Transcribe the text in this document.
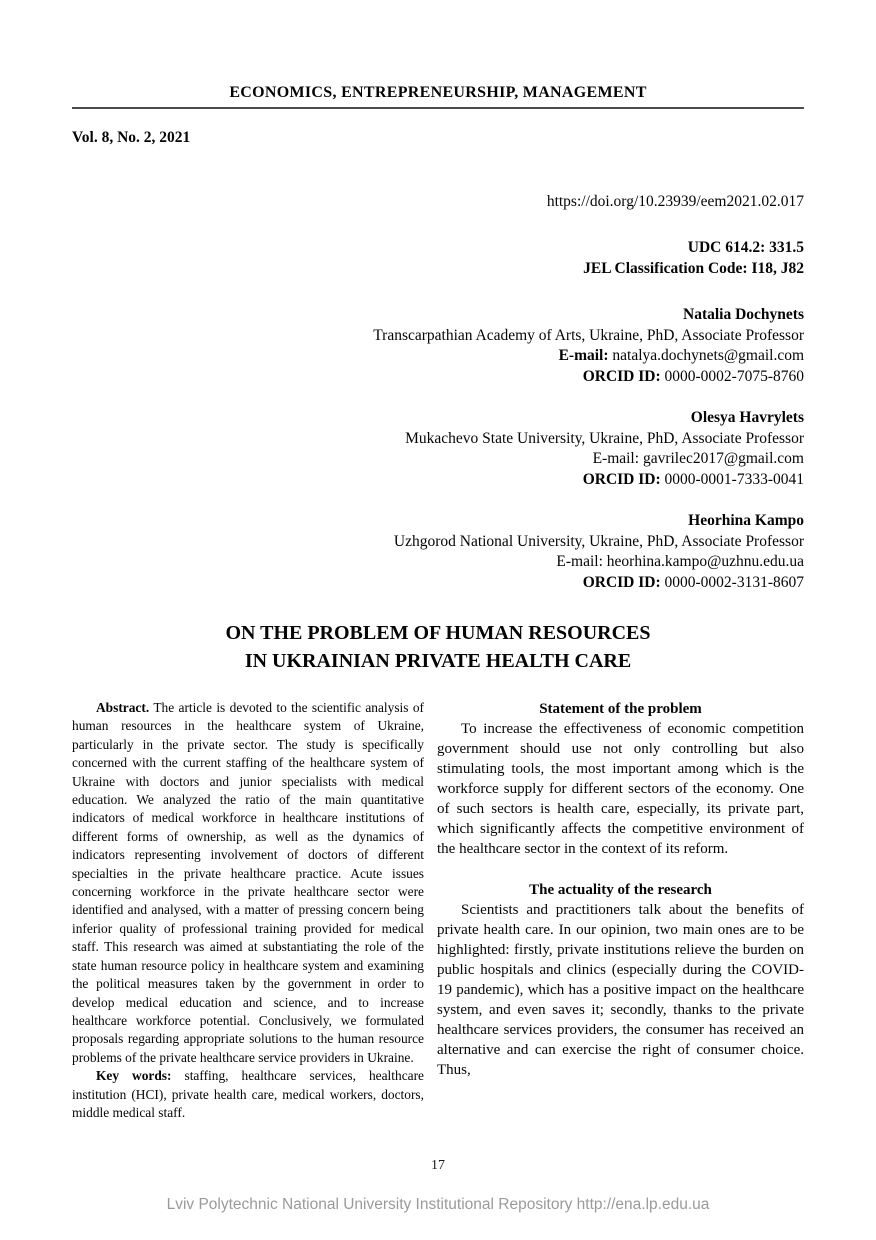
ECONOMICS, ENTREPRENEURSHIP, MANAGEMENT
Vol. 8, No. 2, 2021
https://doi.org/10.23939/eem2021.02.017
UDC 614.2: 331.5
JEL Classification Code: I18, J82
Natalia Dochynets
Transcarpathian Academy of Arts, Ukraine, PhD, Associate Professor
E-mail: natalya.dochynets@gmail.com
ORCID ID: 0000-0002-7075-8760
Olesya Havrylets
Mukachevo State University, Ukraine, PhD, Associate Professor
E-mail: gavrilec2017@gmail.com
ORCID ID: 0000-0001-7333-0041
Heorhina Kampo
Uzhgorod National University, Ukraine, PhD, Associate Professor
E-mail: heorhina.kampo@uzhnu.edu.ua
ORCID ID: 0000-0002-3131-8607
ON THE PROBLEM OF HUMAN RESOURCES
IN UKRAINIAN PRIVATE HEALTH CARE
Abstract. The article is devoted to the scientific analysis of human resources in the healthcare system of Ukraine, particularly in the private sector. The study is specifically concerned with the current staffing of the healthcare system of Ukraine with doctors and junior specialists with medical education. We analyzed the ratio of the main quantitative indicators of medical workforce in healthcare institutions of different forms of ownership, as well as the dynamics of indicators representing involvement of doctors of different specialties in the private healthcare practice. Acute issues concerning workforce in the private healthcare sector were identified and analysed, with a matter of pressing concern being inferior quality of professional training provided for medical staff. This research was aimed at substantiating the role of the state human resource policy in healthcare system and examining the political measures taken by the government in order to develop medical education and science, and to increase healthcare workforce potential. Conclusively, we formulated proposals regarding appropriate solutions to the human resource problems of the private healthcare service providers in Ukraine.
Key words: staffing, healthcare services, healthcare institution (HCI), private health care, medical workers, doctors, middle medical staff.
Statement of the problem
To increase the effectiveness of economic competition government should use not only controlling but also stimulating tools, the most important among which is the workforce supply for different sectors of the economy. One of such sectors is health care, especially, its private part, which significantly affects the competitive environment of the healthcare sector in the context of its reform.
The actuality of the research
Scientists and practitioners talk about the benefits of private health care. In our opinion, two main ones are to be highlighted: firstly, private institutions relieve the burden on public hospitals and clinics (especially during the COVID-19 pandemic), which has a positive impact on the healthcare system, and even saves it; secondly, thanks to the private healthcare services providers, the consumer has received an alternative and can exercise the right of consumer choice. Thus,
17
Lviv Polytechnic National University Institutional Repository http://ena.lp.edu.ua
